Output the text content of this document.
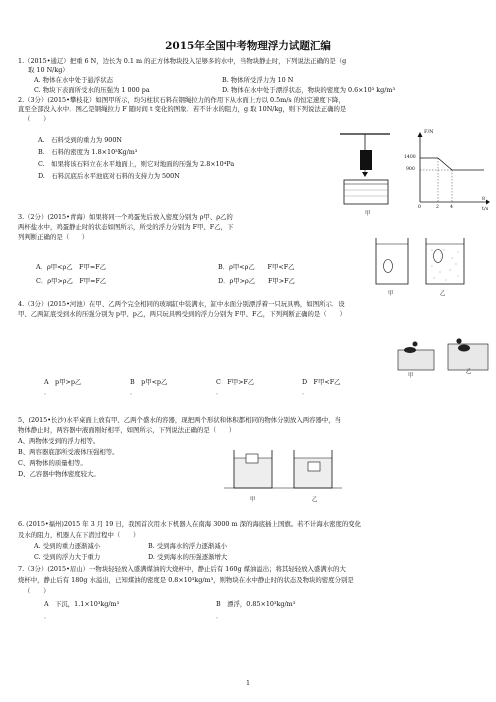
2015年全国中考物理浮力试题汇编
1.（2015•通辽）把重 6 N，边长为 0.1 m 的正方体物块投入足够多的水中，当物块静止时，下列说法正确的是（g
取 10 N/kg）
A. 物体在水中处于悬浮状态	B. 物体所受浮力为 10 N
C. 物块下表面所受水的压强为 1 000 pa	D. 物体在水中处于漂浮状态，物块的密度为 0.6×10³ kg/m³
2.（3分）(2015•攀枝花）如图甲所示，均匀柱状石料在钢绳拉力的作用下从水面上方以 0.5m/s 的恒定速度下降，
直至全部没入水中．图乙是钢绳拉力 F 随时间 t 变化的图象．若不计水的阻力，g 取 10N/kg，则下列说法正确的是
（　　）
A.　石料受到的重力为 900N
B.　石料的密度为 1.8×10³Kg/m³
C.　如果将该石料立在水平地面上，则它对地面的压强为 2.8×10⁴Pa
D.　石料沉底后水平池底对石料的支持力为 500N
甲
F/N
t/s
1400
900
0	2 4
8
3.（2分）(2015•青海）如果将同一个鸡蛋先后放入密度分别为 ρ甲、ρ乙的
两杯盐水中，鸡蛋静止时的状态如图所示，所受的浮力分别为 F甲、F乙，下
列判断正确的是（　　）
A．ρ甲<ρ乙　F甲=F乙	B．ρ甲<ρ乙　　F甲<F乙
C．ρ甲>ρ乙　F甲=F乙	D．ρ甲>ρ乙　　F甲>F乙
甲	乙
4.（3分）(2015•河池）在甲、乙两个完全相同的玻璃缸中装满水，缸中水面分别漂浮着一只玩具鸭，如图所示．设
甲、乙两缸底受到水的压强分别为 p甲、p乙，两只玩具鸭受到的浮力分别为 F甲、F乙，下列判断正确的是（　　）
甲
乙
A　p甲>p乙	B　p甲<p乙	C　F甲>F乙	D　F甲<F乙
．	．	．	．
5、(2015•长沙)水平桌面上放有甲、乙两个盛水的容器，现把两个形状和体积都相同的物体分别放入两容器中，当
物体静止时，两容器中液面刚好相平，如图所示，下列说法正确的是（　　）
A、两物体受到的浮力相等。
B、两容器底部所受液体压强相等。
C、两物体的质量相等。
D、乙容器中物体密度较大。
甲	乙
6. (2015•福州)2015 年 3 月 19 日，我国首次用水下机器人在南海 3000 m 深的海底插上国旗。若不计海水密度的变化
及水的阻力，机器人在下潜过程中（　　）
A. 受到的重力逐渐减小	B. 受到海水的浮力逐渐减小
C. 受到的浮力大于重力	D. 受到海水的压强逐渐增大
7.（3分）(2015•眉山）一物块轻轻放入盛满煤油的大烧杯中，静止后有 160g 煤油溢出；将其轻轻放入盛满水的大
烧杯中，静止后有 180g 水溢出，已知煤油的密度是 0.8×10³kg/m³，则物块在水中静止时的状态及物块的密度分别是
（　　）
A　下沉，1.1×10³kg/m³	B　漂浮，0.85×10³kg/m³
．	．
1
